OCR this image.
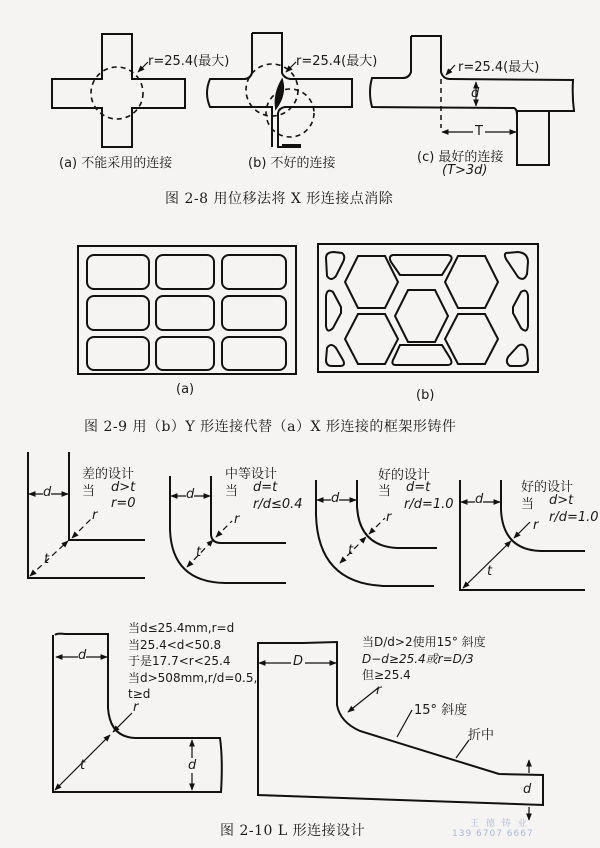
r=25.4(最大)
(a) 不能采用的连接
r=25.4(最大)
(b) 不好的连接
r=25.4(最大)
d
T
(c) 最好的连接
(T>3d)
图 2-8 用位移法将 X 形连接点消除
(a)	(b)
图 2-9 用（b）Y 形连接代替（a）X 形连接的框架形铸件
d
差的设计
当 d>t
r=0
r
t
d
中等设计
当 d=t
r/d≤0.4
r
t
d
好的设计
当 d=t
r/d=1.0
r
t
d
好的设计
当 d>t
r/d=1.0
r
t
当d≤25.4mm,r=d
当25.4<d<50.8
于是17.7<r<25.4
当d>508mm,r/d=0.5,
t≥d
d
r
t	d
当D/d>2使用15° 斜度
D−d≥25.4或r=D/3
但≥25.4
D
r
15° 斜度
折中
d
图 2-10 L 形连接设计	王 德 铸 业
139 6707 6667
